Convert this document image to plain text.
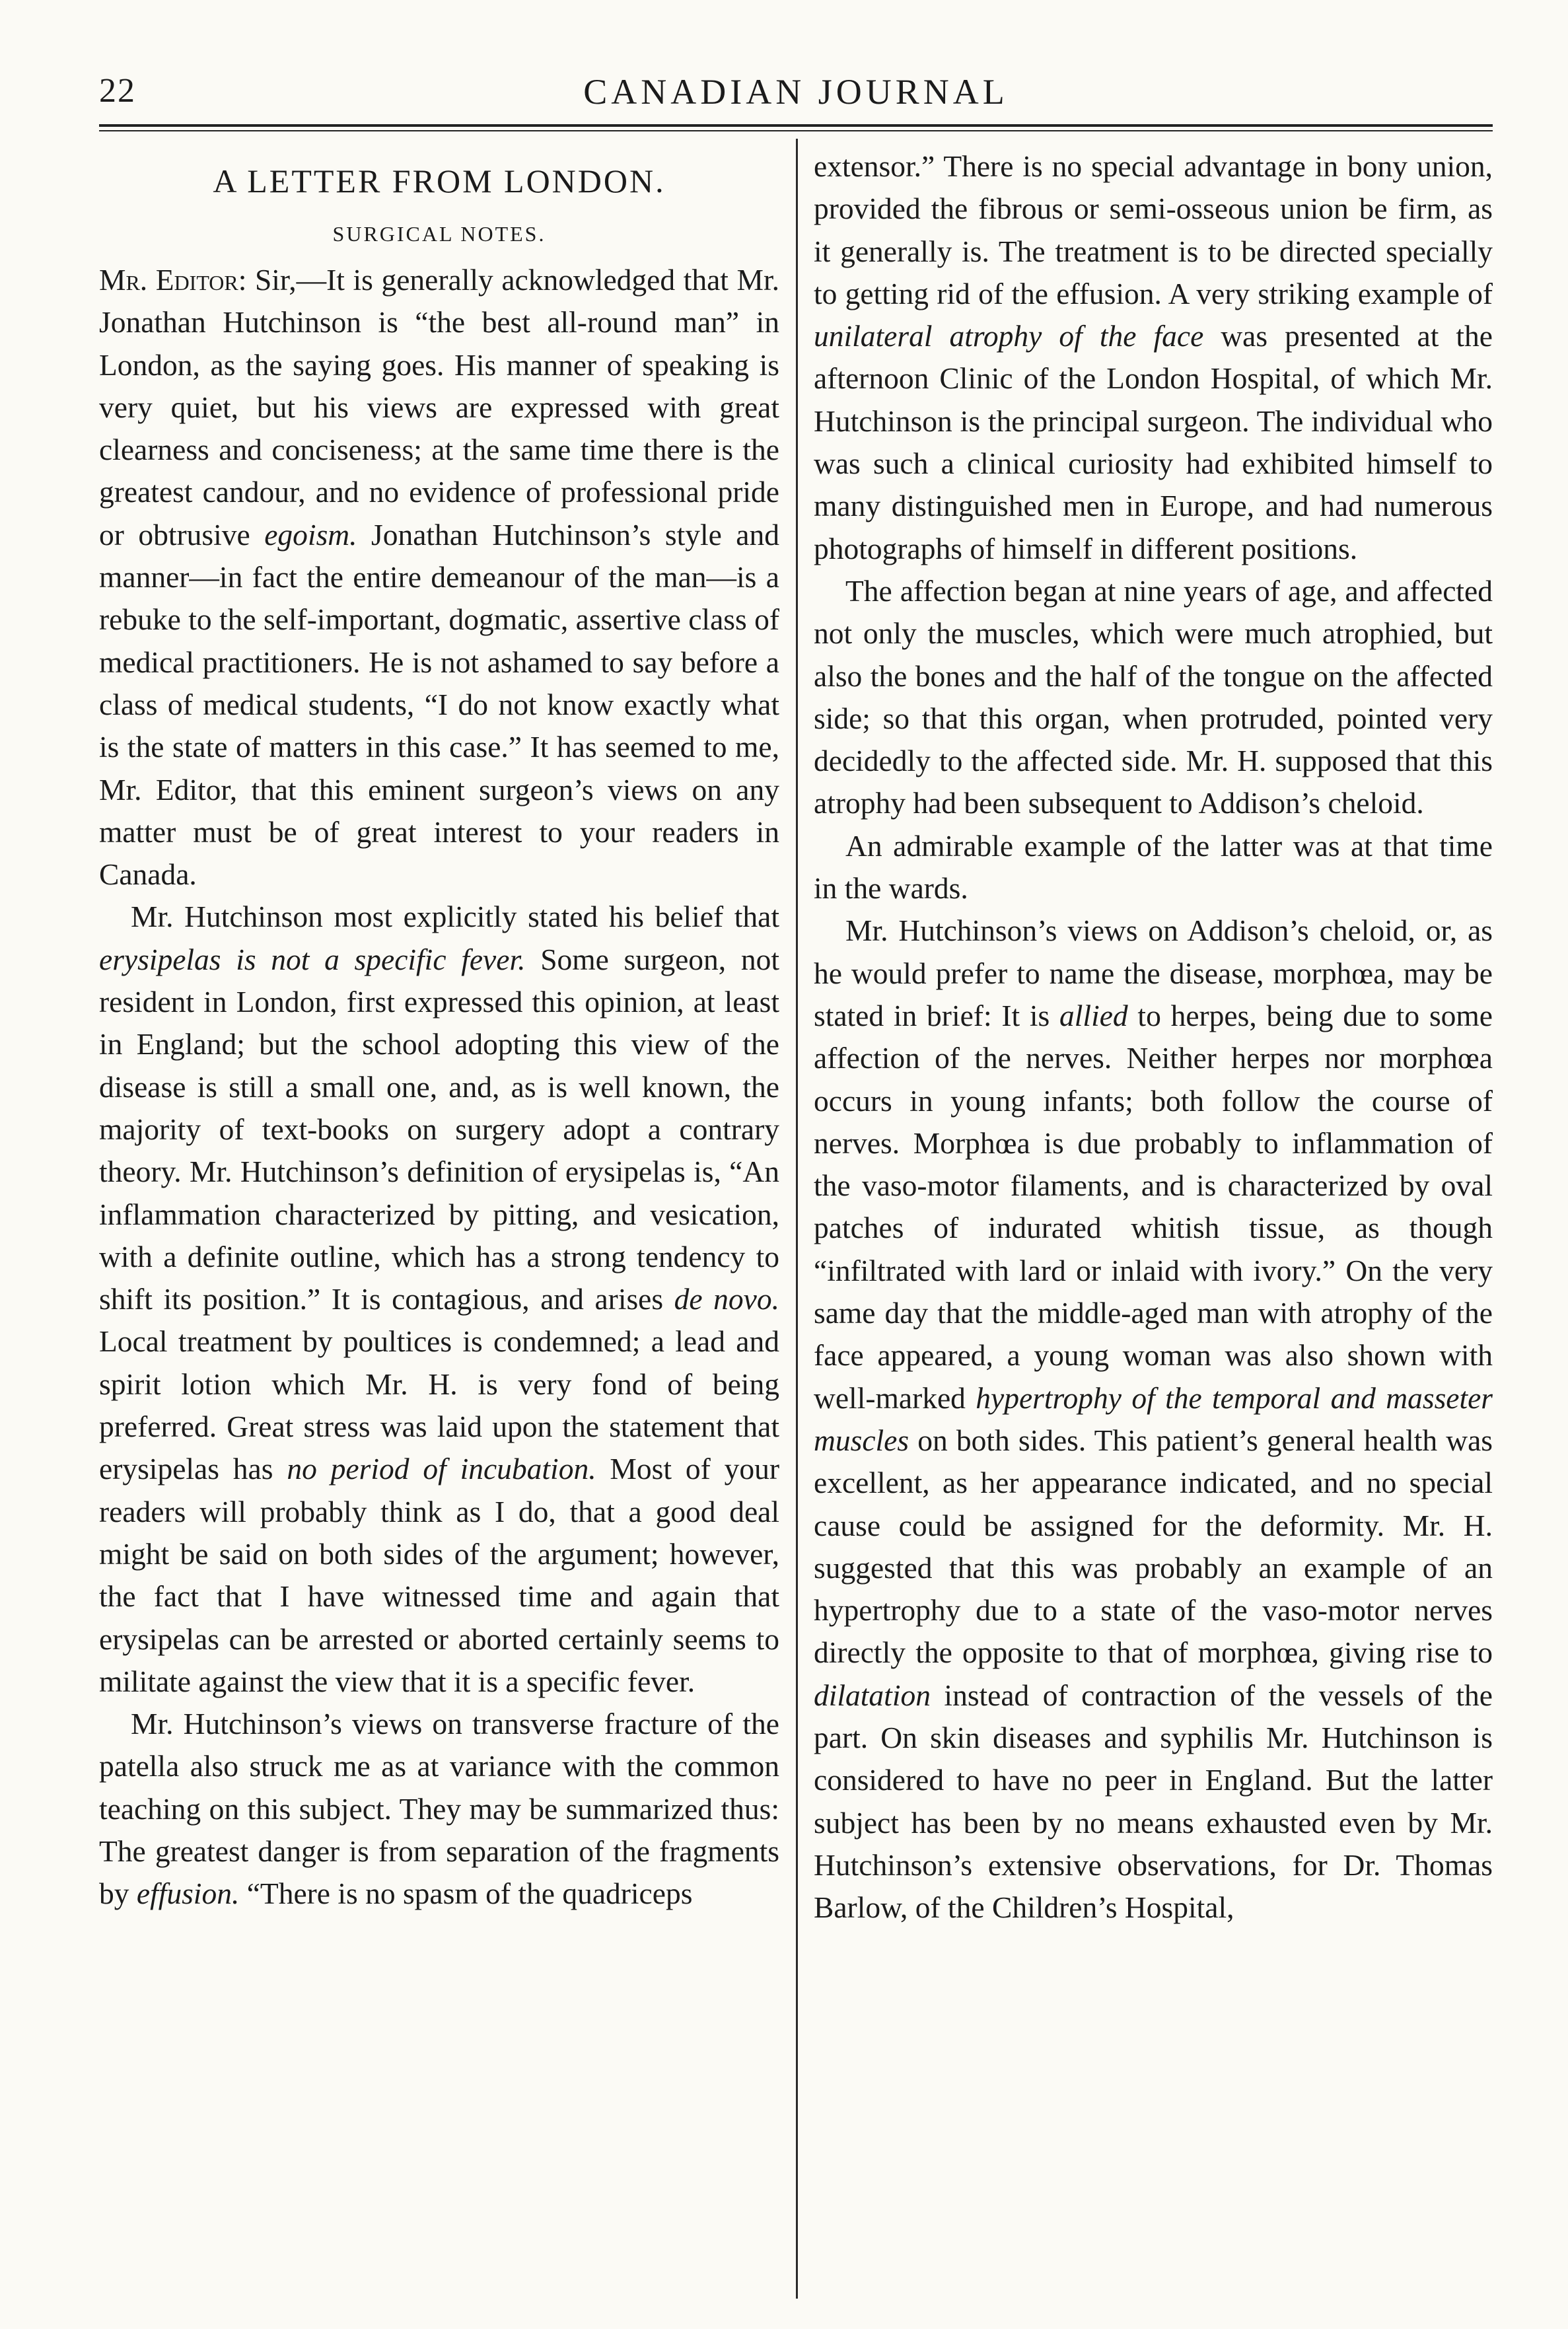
22	CANADIAN JOURNAL
A LETTER FROM LONDON.
SURGICAL NOTES.

Mr. Editor: Sir,—It is generally acknowledged that Mr. Jonathan Hutchinson is “the best all-round man” in London, as the saying goes. His manner of speaking is very quiet, but his views are expressed with great clearness and conciseness; at the same time there is the greatest candour, and no evidence of professional pride or obtrusive egoism. Jonathan Hutchinson’s style and manner—in fact the entire demeanour of the man—is a rebuke to the self-important, dogmatic, assertive class of medical practitioners. He is not ashamed to say before a class of medical students, “I do not know exactly what is the state of matters in this case.” It has seemed to me, Mr. Editor, that this eminent surgeon’s views on any matter must be of great interest to your readers in Canada.

Mr. Hutchinson most explicitly stated his belief that erysipelas is not a specific fever. Some surgeon, not resident in London, first expressed this opinion, at least in England; but the school adopting this view of the disease is still a small one, and, as is well known, the majority of text-books on surgery adopt a contrary theory. Mr. Hutchinson’s definition of erysipelas is, “An inflammation characterized by pitting, and vesication, with a definite outline, which has a strong tendency to shift its position.” It is contagious, and arises de novo. Local treatment by poultices is condemned; a lead and spirit lotion which Mr. H. is very fond of being preferred. Great stress was laid upon the statement that erysipelas has no period of incubation. Most of your readers will probably think as I do, that a good deal might be said on both sides of the argument; however, the fact that I have witnessed time and again that erysipelas can be arrested or aborted certainly seems to militate against the view that it is a specific fever.

Mr. Hutchinson’s views on transverse fracture of the patella also struck me as at variance with the common teaching on this subject. They may be summarized thus: The greatest danger is from separation of the fragments by effusion. “There is no spasm of the quadriceps

extensor.” There is no special advantage in bony union, provided the fibrous or semi-osseous union be firm, as it generally is. The treatment is to be directed specially to getting rid of the effusion. A very striking example of unilateral atrophy of the face was presented at the afternoon Clinic of the London Hospital, of which Mr. Hutchinson is the principal surgeon. The individual who was such a clinical curiosity had exhibited himself to many distinguished men in Europe, and had numerous photographs of himself in different positions.

The affection began at nine years of age, and affected not only the muscles, which were much atrophied, but also the bones and the half of the tongue on the affected side; so that this organ, when protruded, pointed very decidedly to the affected side. Mr. H. supposed that this atrophy had been subsequent to Addison’s cheloid.

An admirable example of the latter was at that time in the wards.

Mr. Hutchinson’s views on Addison’s cheloid, or, as he would prefer to name the disease, morphœa, may be stated in brief: It is allied to herpes, being due to some affection of the nerves. Neither herpes nor morphœa occurs in young infants; both follow the course of nerves. Morphœa is due probably to inflammation of the vaso-motor filaments, and is characterized by oval patches of indurated whitish tissue, as though “infiltrated with lard or inlaid with ivory.” On the very same day that the middle-aged man with atrophy of the face appeared, a young woman was also shown with well-marked hypertrophy of the temporal and masseter muscles on both sides. This patient’s general health was excellent, as her appearance indicated, and no special cause could be assigned for the deformity. Mr. H. suggested that this was probably an example of an hypertrophy due to a state of the vaso-motor nerves directly the opposite to that of morphœa, giving rise to dilatation instead of contraction of the vessels of the part. On skin diseases and syphilis Mr. Hutchinson is considered to have no peer in England. But the latter subject has been by no means exhausted even by Mr. Hutchinson’s extensive observations, for Dr. Thomas Barlow, of the Children’s Hospital,
